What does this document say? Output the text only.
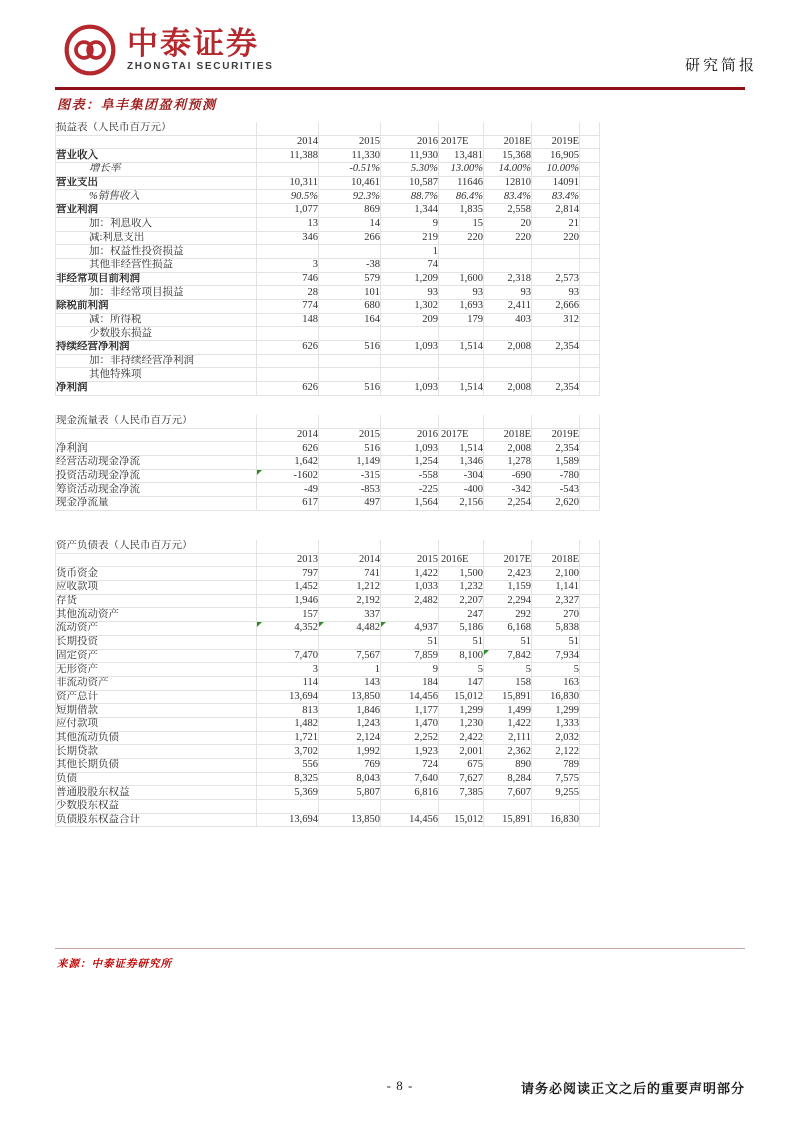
中泰证券
ZHONGTAI SECURITIES	研究简报
图表：阜丰集团盈利预测
损益表（人民币百万元）							
	2014	2015	2016	2017E	2018E	2019E	
营业收入	11,388	11,330	11,930	13,481	15,368	16,905	
增长率		-0.51%	5.30%	13.00%	14.00%	10.00%	
营业支出	10,311	10,461	10,587	11646	12810	14091	
%销售收入	90.5%	92.3%	88.7%	86.4%	83.4%	83.4%	
营业利润	1,077	869	1,344	1,835	2,558	2,814	
加：利息收入	13	14	9	15	20	21	
减:利息支出	346	266	219	220	220	220	
加：权益性投资损益			1				
其他非经营性损益	3	-38	74				
非经常项目前利润	746	579	1,209	1,600	2,318	2,573	
加：非经常项目损益	28	101	93	93	93	93	
除税前利润	774	680	1,302	1,693	2,411	2,666	
减：所得税	148	164	209	179	403	312	
少数股东损益							
持续经营净利润	626	516	1,093	1,514	2,008	2,354	
加：非持续经营净利润							
其他特殊项							
净利润	626	516	1,093	1,514	2,008	2,354	
现金流量表（人民币百万元）							
	2014	2015	2016	2017E	2018E	2019E	
净利润	626	516	1,093	1,514	2,008	2,354	
经营活动现金净流	1,642	1,149	1,254	1,346	1,278	1,589	
投资活动现金净流	-1602	-315	-558	-304	-690	-780	
筹资活动现金净流	-49	-853	-225	-400	-342	-543	
现金净流量	617	497	1,564	2,156	2,254	2,620	
资产负债表（人民币百万元）							
	2013	2014	2015	2016E	2017E	2018E	
货币资金	797	741	1,422	1,500	2,423	2,100	
应收款项	1,452	1,212	1,033	1,232	1,159	1,141	
存货	1,946	2,192	2,482	2,207	2,294	2,327	
其他流动资产	157	337		247	292	270	
流动资产	4,352	4,482	4,937	5,186	6,168	5,838	
长期投资			51	51	51	51	
固定资产	7,470	7,567	7,859	8,100	7,842	7,934	
无形资产	3	1	9	5	5	5	
非流动资产	114	143	184	147	158	163	
资产总计	13,694	13,850	14,456	15,012	15,891	16,830	
短期借款	813	1,846	1,177	1,299	1,499	1,299	
应付款项	1,482	1,243	1,470	1,230	1,422	1,333	
其他流动负债	1,721	2,124	2,252	2,422	2,111	2,032	
长期贷款	3,702	1,992	1,923	2,001	2,362	2,122	
其他长期负债	556	769	724	675	890	789	
负债	8,325	8,043	7,640	7,627	8,284	7,575	
普通股股东权益	5,369	5,807	6,816	7,385	7,607	9,255	
少数股东权益							
负债股东权益合计	13,694	13,850	14,456	15,012	15,891	16,830	
来源：中泰证券研究所
- 8 -	请务必阅读正文之后的重要声明部分
